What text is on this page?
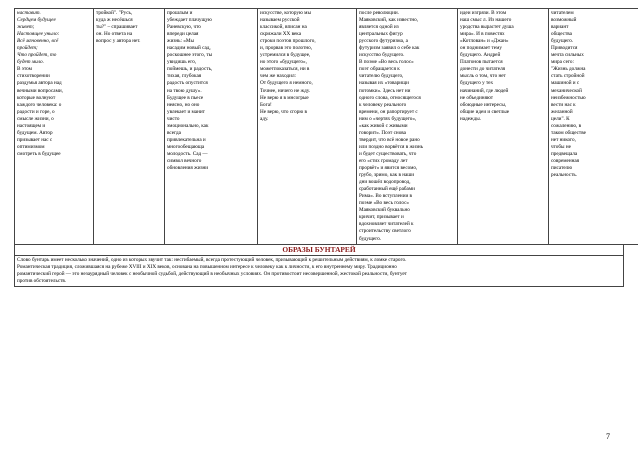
наставит.
Сердцем будущее
живет;
Настоящее уныло:
Всё мгновенно, всё
пройдет;
Что пройдет, то
будет мило.
В этом
стихотворении
раздумья автора над
вечными вопросами,
которые волнуют
каждого человека: о
радости и горе, о
смысле жизни, о
настоящем и
будущем. Автор
призывает нас с
оптимизмом
смотреть в будущее

тройкой". "Русь,
куда ж несёшься
ты?" – спрашивает
он. Но ответа на
вопрос у автора нет.

прошлым и
убеждает плачущую
Раневскую, что
впереди целая
жизнь: «Мы
насадим новый сад,
роскошнее этого, ты
увидишь его,
поймешь, и радость,
тихая, глубокая
радость опустится
на твою душу».
Будущее в пьесе
неясно, но оно
увлекает и манит
чисто
эмоционально, как
всегда
привлекательна и
многообещающа
молодость. Сад —
символ вечного
обновления жизни

искусстве, которую мы
называем русской
классикой, вписан на
скрижали XX века
строки поэтов прошлого,
и, прорвав это полотно,
устремился в будущее,
но этого «будущего»,
можетпоказаться, ни в
чем же находил:
От будущего я немного,
Точнее, ничего не жду.
Не верю я в мнсогрые
Бога!
Не верю, что сгорю в
аду.

после революции.
Маяковский, как известно,
является одной из
центральных фигур
русского футуризма, а
футуризм заявил о себе как
искусство будущего.
В поэме «Во весь голос»
поэт обращается к
читателю будущего,
называя их «товарищи
потомки». Здесь нет ни
одного слова, относящегося
к человеку реального
времени, он рапортирует с
ним о «чертях будущего»,
«как живой с живыми
говорит». Поэт снова
твердит, что всё новое рано
или поздно ворвётся в жизнь
и будет существовать, что
его «стих громаду лет
прорвёт» и явится весомо,
грубо, зримо, как в наши
дни вошёл водопровод,
сработанный ещё рабами
Рима». Во вступлении в
поэме «Во весь голос»
Маяковский буквально
кричит, призывает и
вдохновляет читателей к
строительству светлого
будущего.

идеи изгрязи. В этом
наш смыс л. Из нашего
уродства вырастет душа
мира». И в повестях
«Котлован» и «Джан»
он поднимает тему
будущего. Андрей
Платонов пытается
донести до читателя
мысль о том, что нет
будущего у тех
начинаний, где людей
не объединяют
обоюдные интересы,
общие идеи и светлые
надежды.

читателем
возможный
вариант
общества
будущего.
Приводится
мечта сильных
мира сего:
"Жизнь должна
стать стройной
машиной и с
механической
неизбежностью
вести нас к
желанной
цели". К
сожалению, в
таком обществе
нет никого,
чтобы не
предвещала
современная
писателю
реальность.
ОБРАЗЫ БУНТАРЕЙ
Слово бунтарь имеет несколько значений, одно из которых звучит так: несгибаемый, всегда протестующий человек, призывающий к решительным действиям, к ломке старого.
Романтическая традиция, сложившаяся на рубеже XVIII и XIX веков, основана на повышенном интересе к человеку как к личности, к его внутреннему миру. Традиционно
романтический герой — это незаурядный человек с необычной судьбой, действующий в необычных условиях. Он противостоит несовершенной, жестокой реальности, бунтует
против обстоятельств.
7
